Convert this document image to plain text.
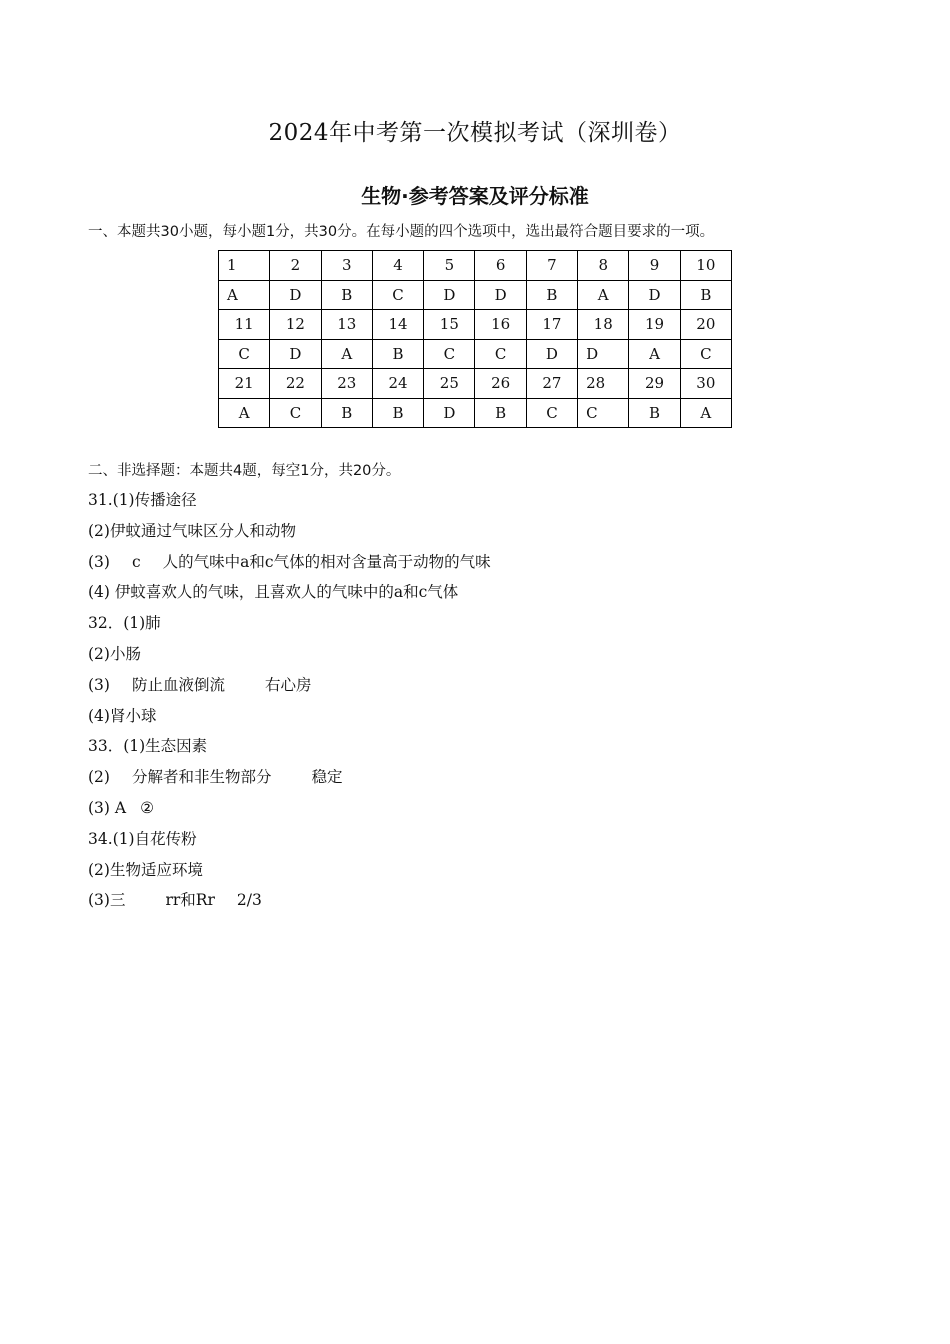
2024年中考第一次模拟考试（深圳卷）
生物·参考答案及评分标准
一、本题共30小题，每小题1分，共30分。在每小题的四个选项中，选出最符合题目要求的一项。
1	2	3	4	5	6	7	8	9	10
A	D	B	C	D	D	B	A	D	B
11	12	13	14	15	16	17	18	19	20
C	D	A	B	C	C	D	D	A	C
21	22	23	24	25	26	27	28	29	30
A	C	B	B	D	B	C	C	B	A
二、非选择题：本题共4题，每空1分，共20分。
31.(1)传播途径
(2)伊蚊通过气味区分人和动物
(3) c 人的气味中a和c气体的相对含量高于动物的气味
(4) 伊蚊喜欢人的气味，且喜欢人的气味中的a和c气体
32．(1)肺
(2)小肠
(3) 防止血液倒流	右心房
(4)肾小球
33．(1)生态因素
(2) 分解者和非生物部分	稳定
(3) A ②
34.(1)自花传粉
(2)生物适应环境
(3)三	rr和Rr 2/3
